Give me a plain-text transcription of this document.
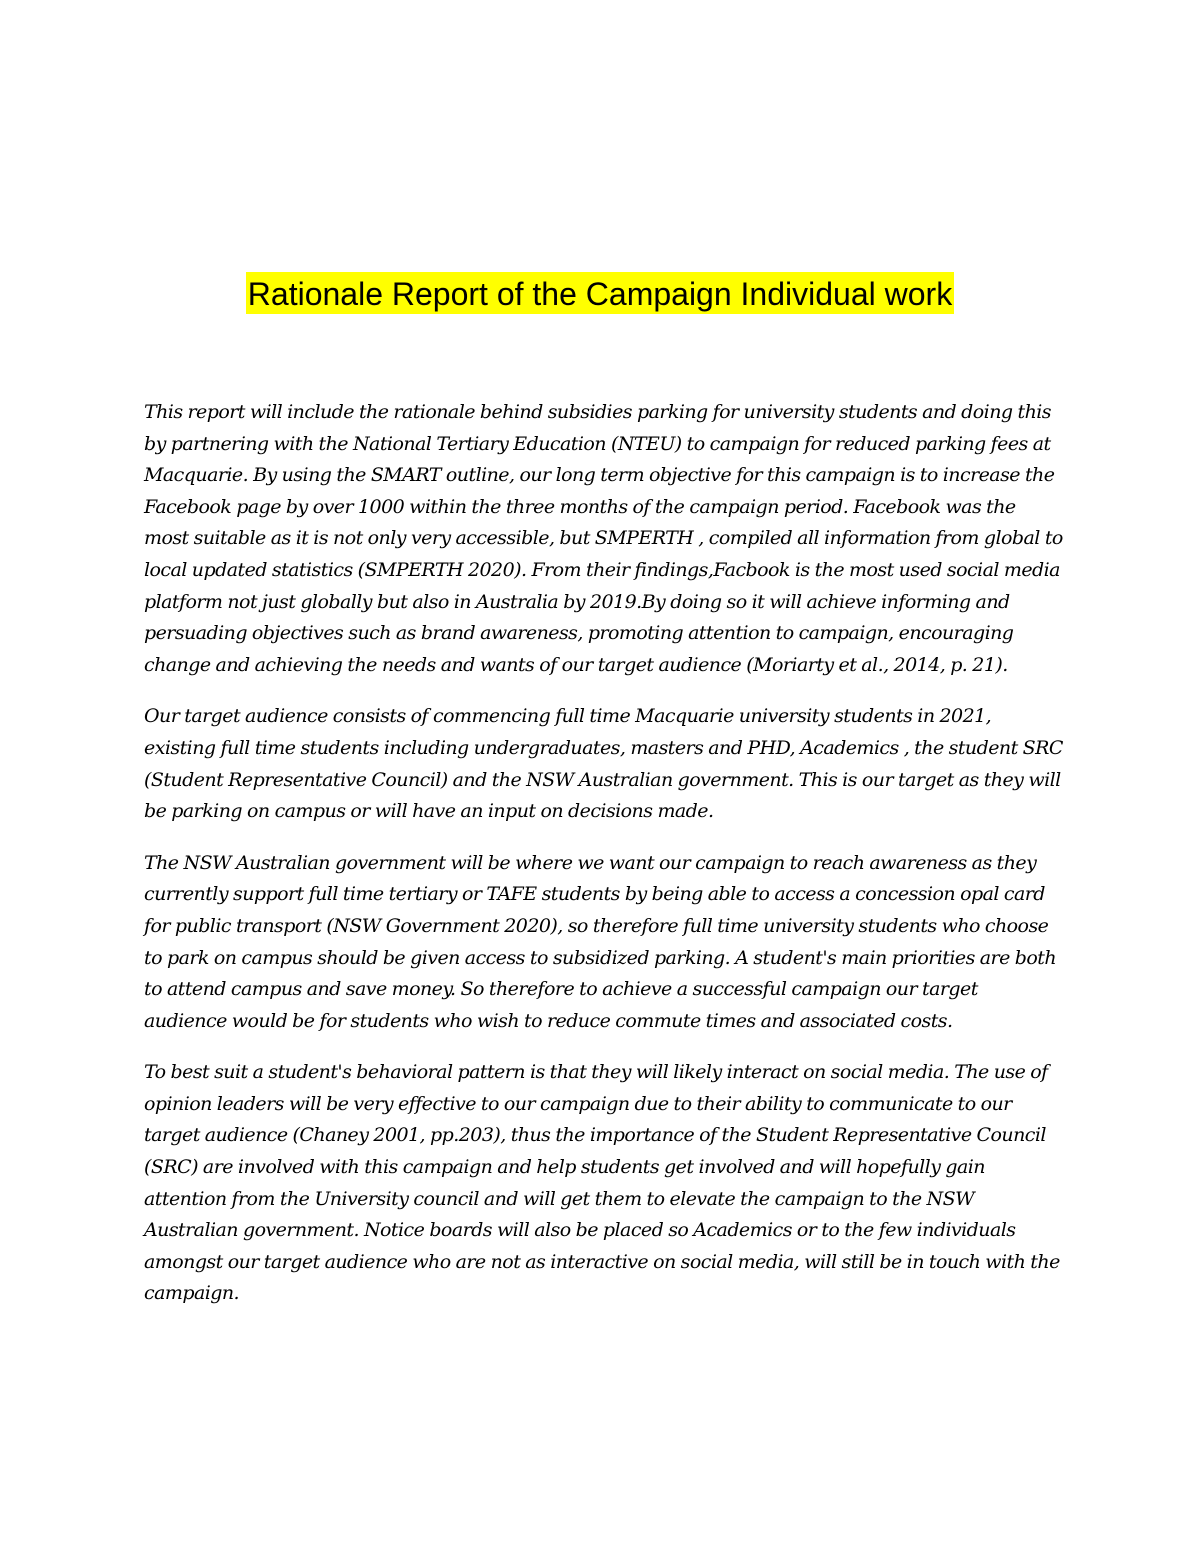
Rationale Report of the Campaign Individual work

This report will include the rationale behind subsidies parking for university students and doing this by partnering with the National Tertiary Education (NTEU) to campaign for reduced parking fees at Macquarie. By using the SMART outline, our long term objective for this campaign is to increase the Facebook page by over 1000 within the three months of the campaign period. Facebook was the most suitable as it is not only very accessible, but SMPERTH , compiled all information from global to local updated statistics (SMPERTH 2020). From their findings,Facbook is the most used social media platform not just globally but also in Australia by 2019.By doing so it will achieve informing and persuading objectives such as brand awareness, promoting attention to campaign, encouraging change and achieving the needs and wants of our target audience (Moriarty et al., 2014, p. 21).

Our target audience consists of commencing full time Macquarie university students in 2021, existing full time students including undergraduates, masters and PHD, Academics , the student SRC (Student Representative Council) and the NSW Australian government. This is our target as they will be parking on campus or will have an input on decisions made.

The NSW Australian government will be where we want our campaign to reach awareness as they currently support full time tertiary or TAFE students by being able to access a concession opal card for public transport (NSW Government 2020), so therefore full time university students who choose to park on campus should be given access to subsidized parking. A student's main priorities are both to attend campus and save money. So therefore to achieve a successful campaign our target audience would be for students who wish to reduce commute times and associated costs.

To best suit a student's behavioral pattern is that they will likely interact on social media. The use of opinion leaders will be very effective to our campaign due to their ability to communicate to our target audience (Chaney 2001, pp.203), thus the importance of the Student Representative Council (SRC) are involved with this campaign and help students get involved and will hopefully gain attention from the University council and will get them to elevate the campaign to the NSW Australian government. Notice boards will also be placed so Academics or to the few individuals amongst our target audience who are not as interactive on social media, will still be in touch with the campaign.
